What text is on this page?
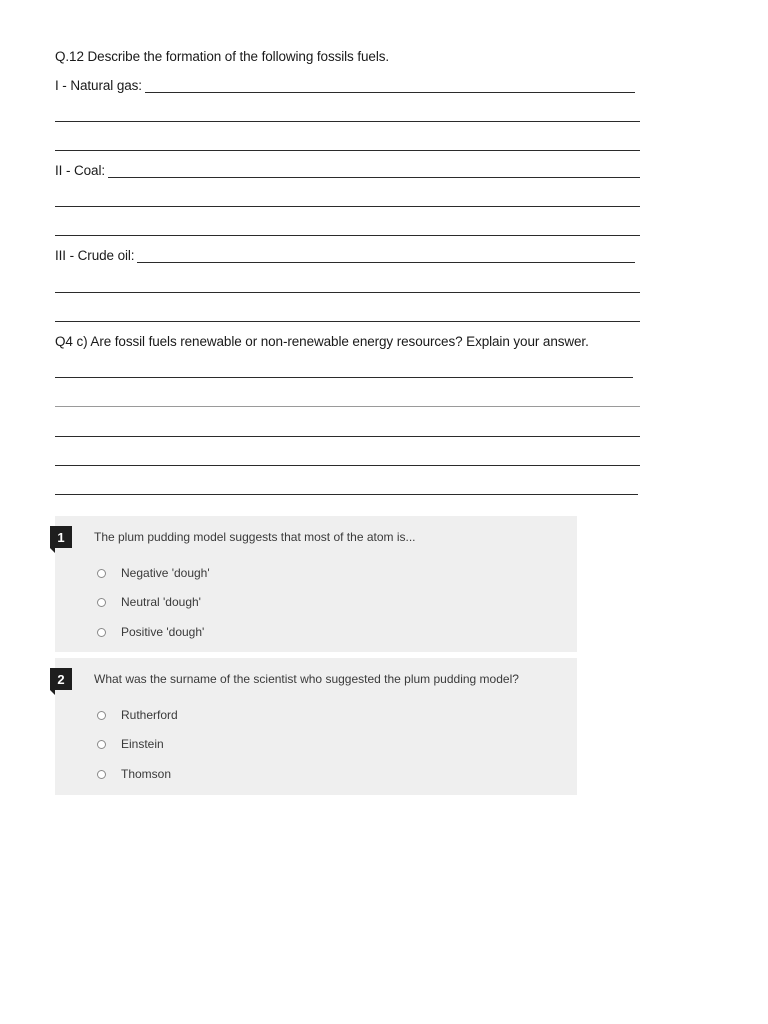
Q.12 Describe the formation of the following fossils fuels.
I - Natural gas:
II - Coal:
III - Crude oil:
Q4 c) Are fossil fuels renewable or non-renewable energy resources? Explain your answer.
1	The plum pudding model suggests that most of the atom is...
Negative 'dough'
Neutral 'dough'
Positive 'dough'
2	What was the surname of the scientist who suggested the plum pudding model?
Rutherford
Einstein
Thomson
